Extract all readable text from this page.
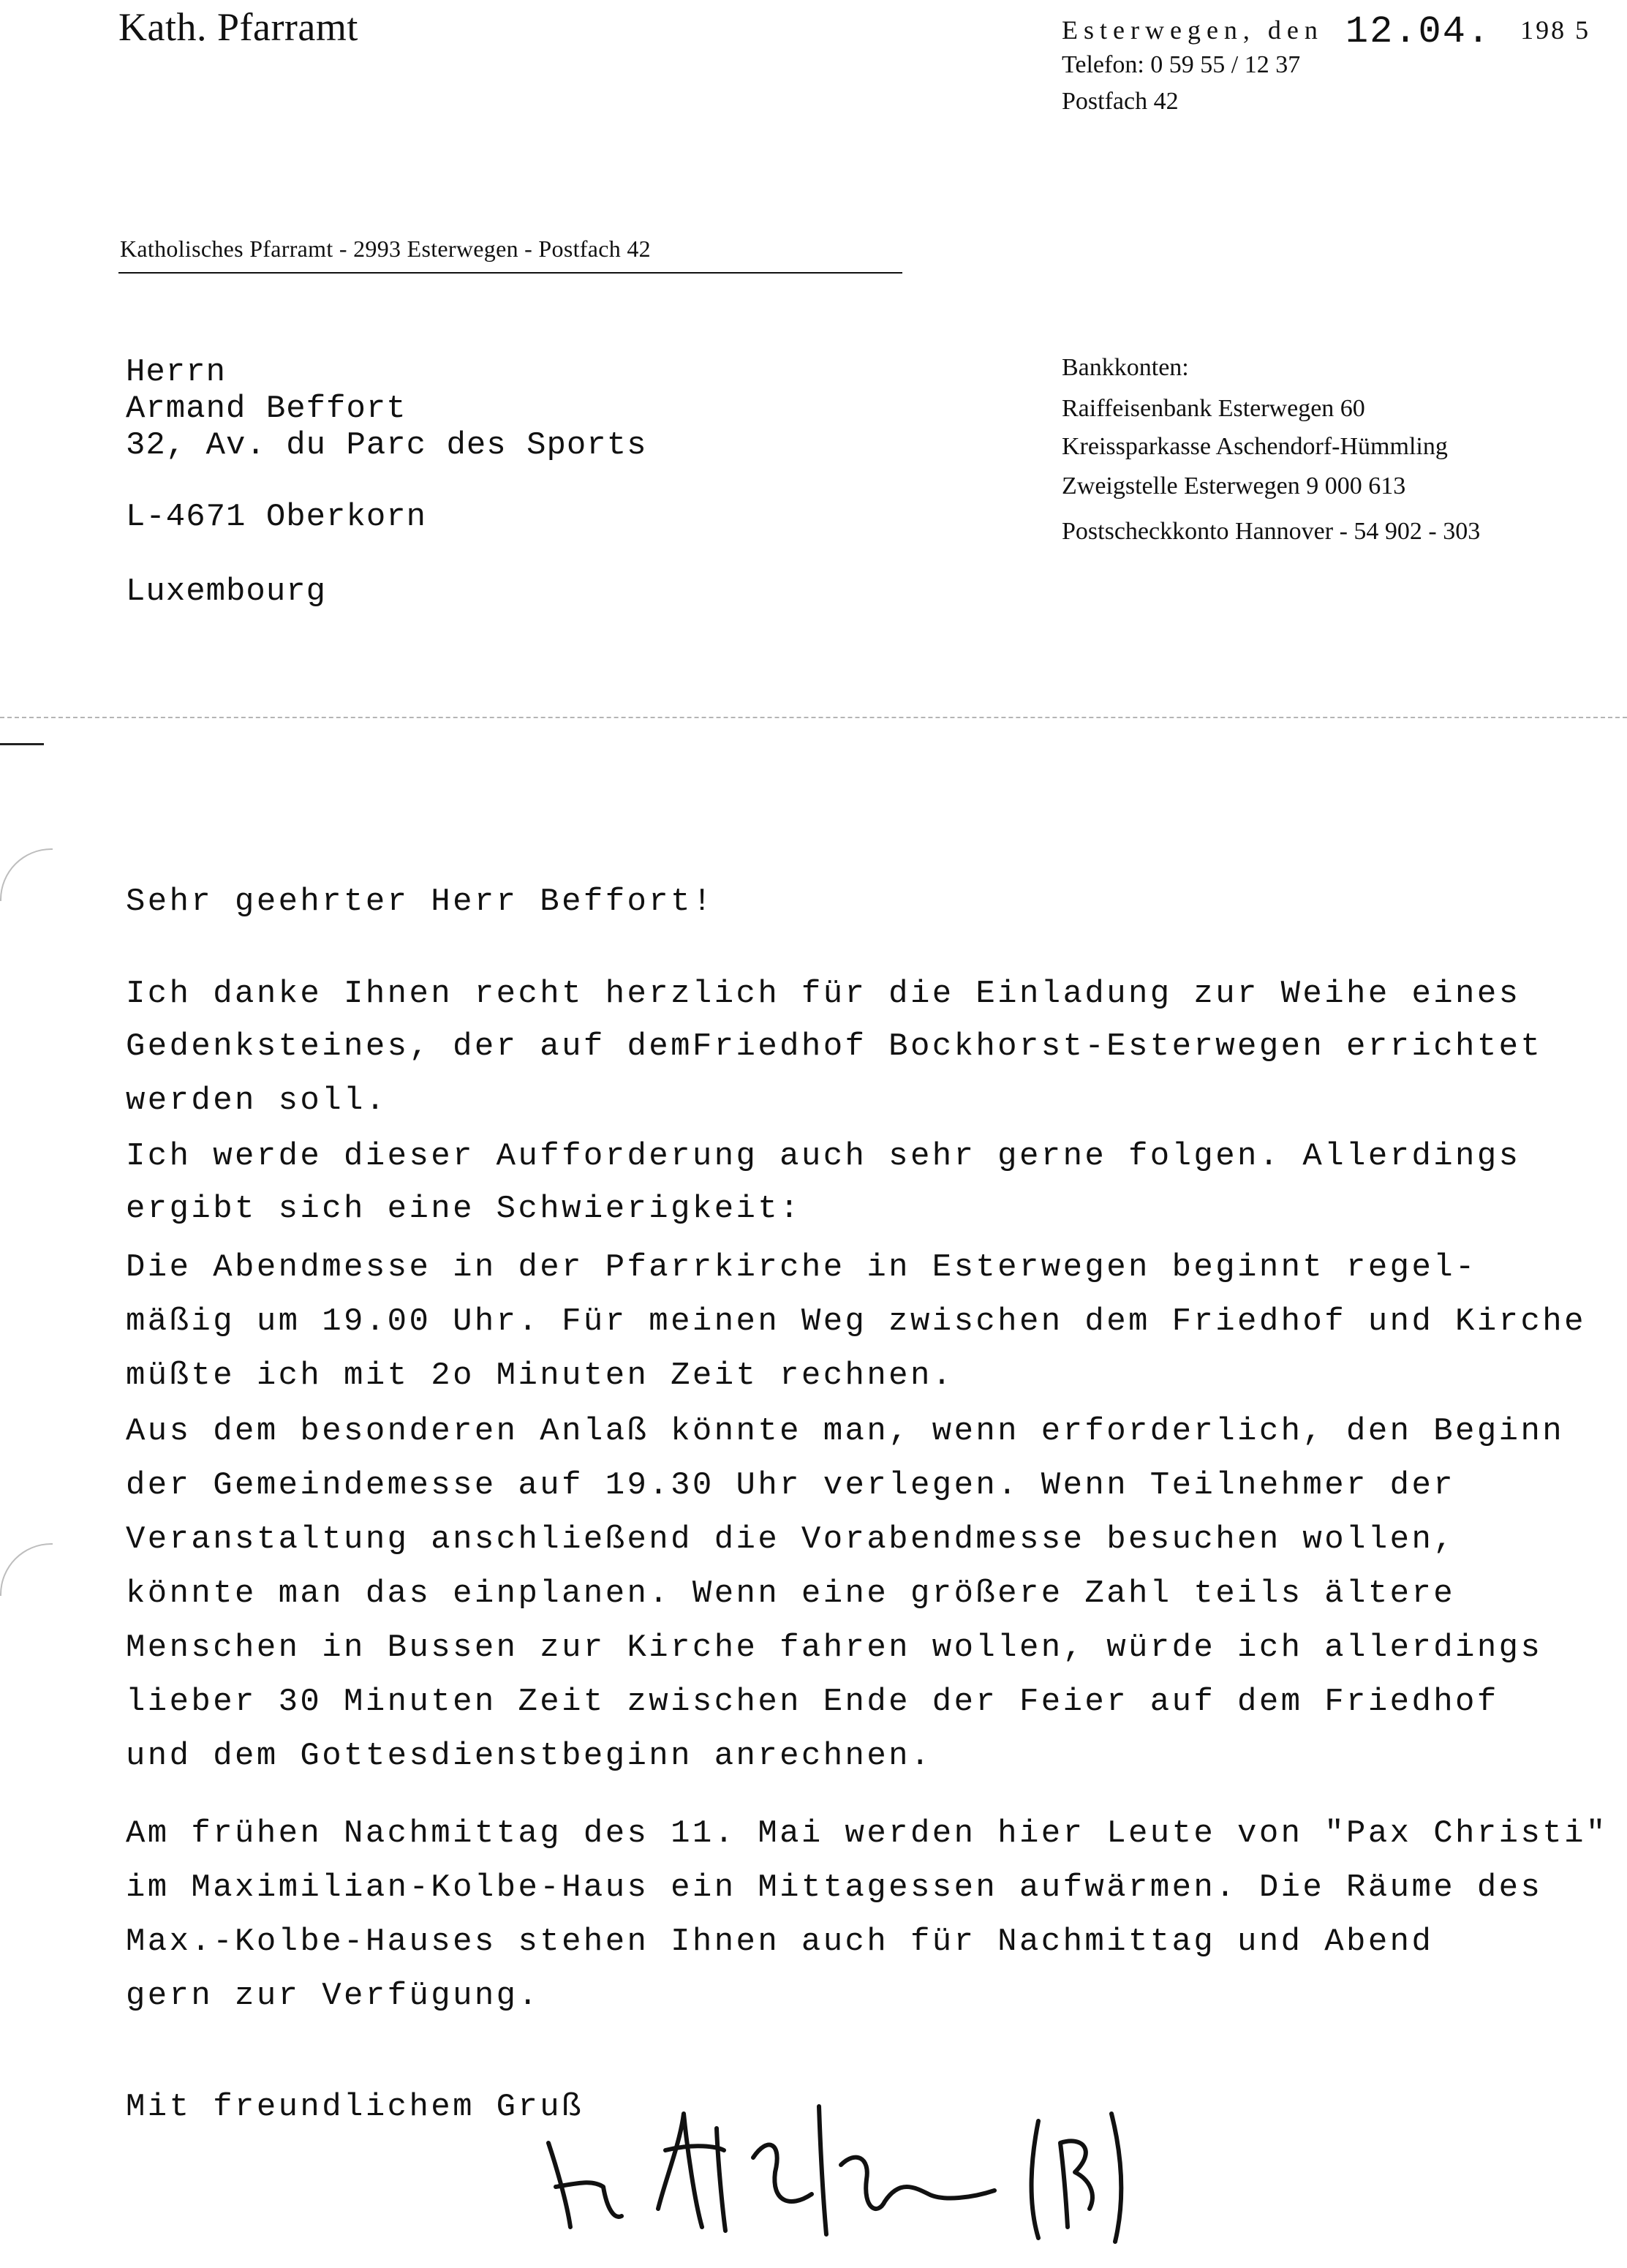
Kath. Pfarramt	Esterwegen, den 12.04. 198 5
Telefon: 0 59 55 / 12 37
Postfach 42
Katholisches Pfarramt - 2993 Esterwegen - Postfach 42
Herrn
Armand Beffort
32, Av. du Parc des Sports
L-4671 Oberkorn
Luxembourg
Bankkonten:
Raiffeisenbank Esterwegen 60
Kreissparkasse Aschendorf-Hümmling
Zweigstelle Esterwegen 9 000 613
Postscheckkonto Hannover - 54 902 - 303
Sehr geehrter Herr Beffort!
Ich danke Ihnen recht herzlich für die Einladung zur Weihe eines
Gedenksteines, der auf demFriedhof Bockhorst-Esterwegen errichtet
werden soll.
Ich werde dieser Aufforderung auch sehr gerne folgen. Allerdings
ergibt sich eine Schwierigkeit:
Die Abendmesse in der Pfarrkirche in Esterwegen beginnt regel-
mäßig um 19.00 Uhr. Für meinen Weg zwischen dem Friedhof und Kirche
müßte ich mit 2o Minuten Zeit rechnen.
Aus dem besonderen Anlaß könnte man, wenn erforderlich, den Beginn
der Gemeindemesse auf 19.30 Uhr verlegen. Wenn Teilnehmer der
Veranstaltung anschließend die Vorabendmesse besuchen wollen,
könnte man das einplanen. Wenn eine größere Zahl teils ältere
Menschen in Bussen zur Kirche fahren wollen, würde ich allerdings
lieber 30 Minuten Zeit zwischen Ende der Feier auf dem Friedhof
und dem Gottesdienstbeginn anrechnen.
Am frühen Nachmittag des 11. Mai werden hier Leute von "Pax Christi"
im Maximilian-Kolbe-Haus ein Mittagessen aufwärmen. Die Räume des
Max.-Kolbe-Hauses stehen Ihnen auch für Nachmittag und Abend
gern zur Verfügung.
Mit freundlichem Gruß
